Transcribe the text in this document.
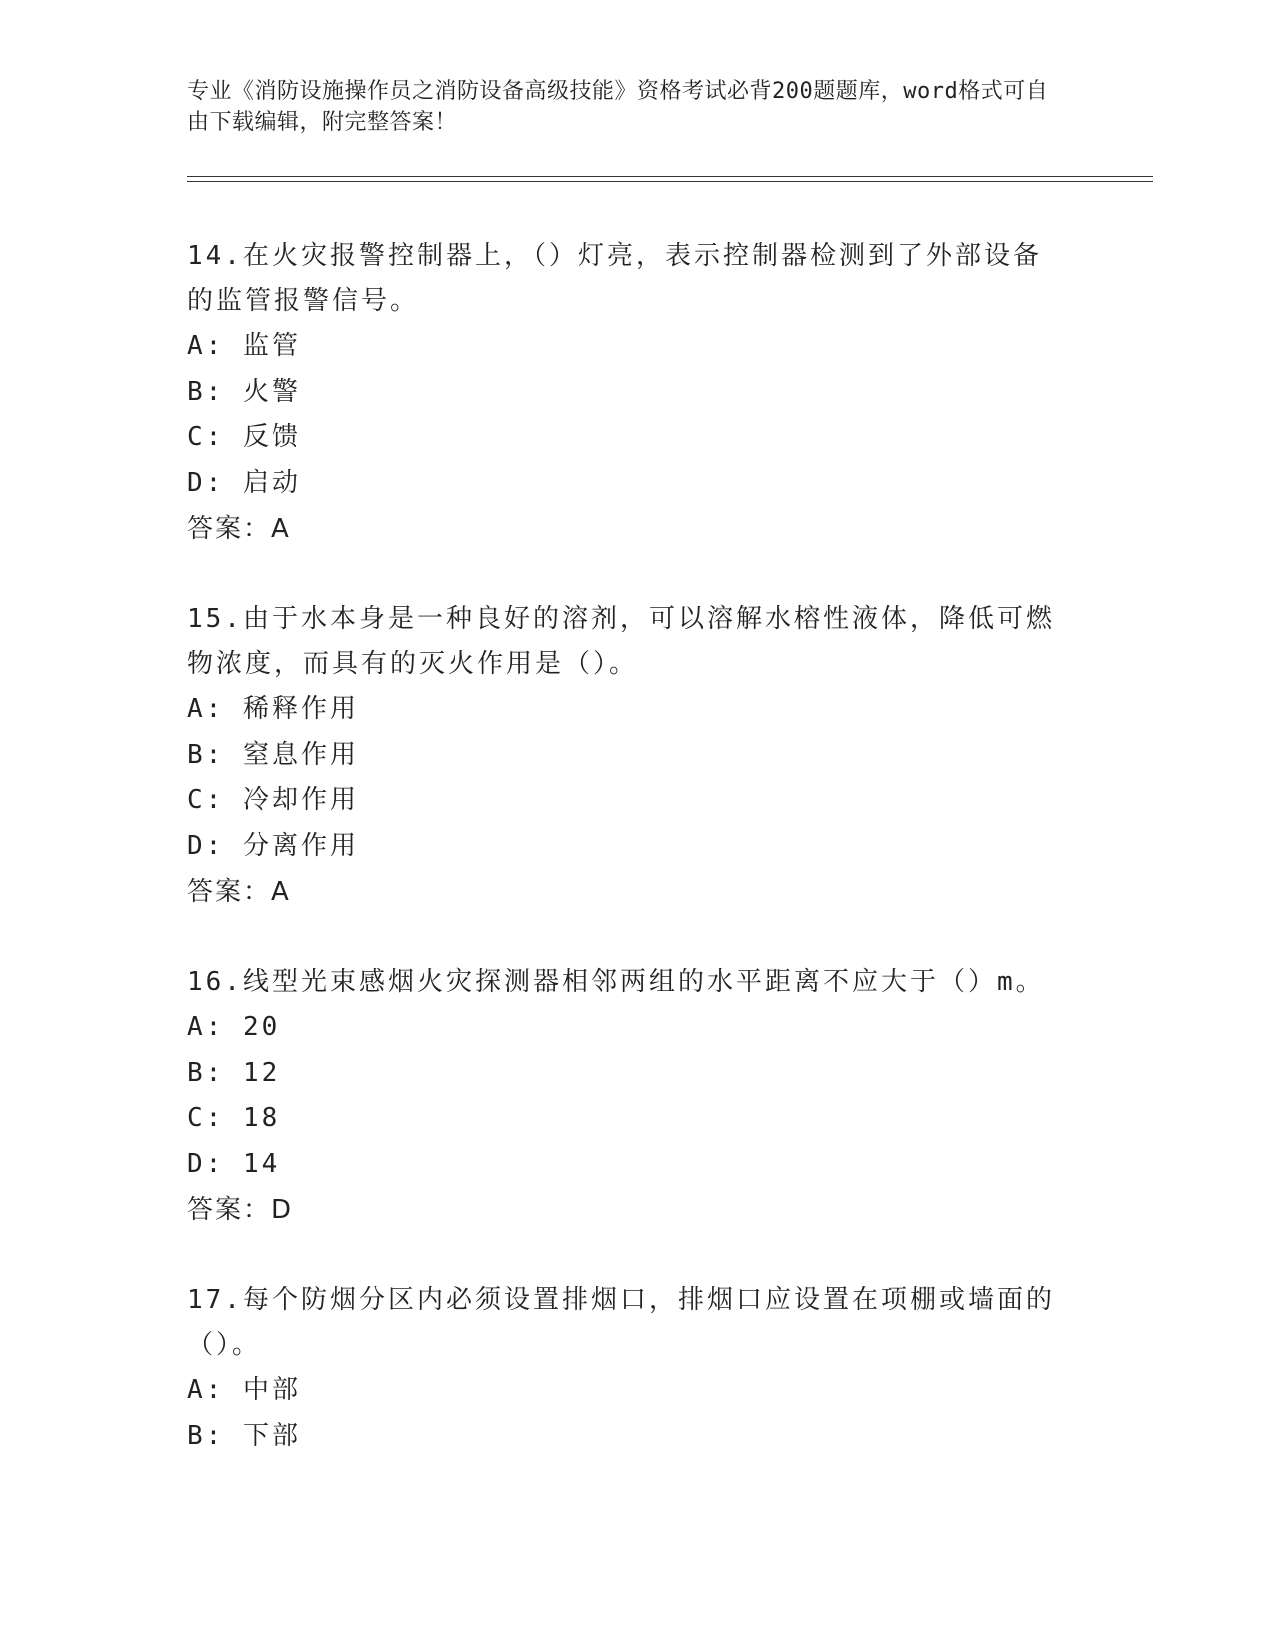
专业《消防设施操作员之消防设备高级技能》资格考试必背200题题库，word格式可自由下载编辑，附完整答案！

14.在火灾报警控制器上，（）灯亮，表示控制器检测到了外部设备的监管报警信号。

A: 监管

B: 火警

C: 反馈

D: 启动

答案：A

15.由于水本身是一种良好的溶剂，可以溶解水榕性液体，降低可燃物浓度，而具有的灭火作用是（）。

A: 稀释作用

B: 窒息作用

C: 冷却作用

D: 分离作用

答案：A

16.线型光束感烟火灾探测器相邻两组的水平距离不应大于（）m。

A: 20

B: 12

C: 18

D: 14

答案：D

17.每个防烟分区内必须设置排烟口，排烟口应设置在项棚或墙面的（）。

A: 中部

B: 下部
